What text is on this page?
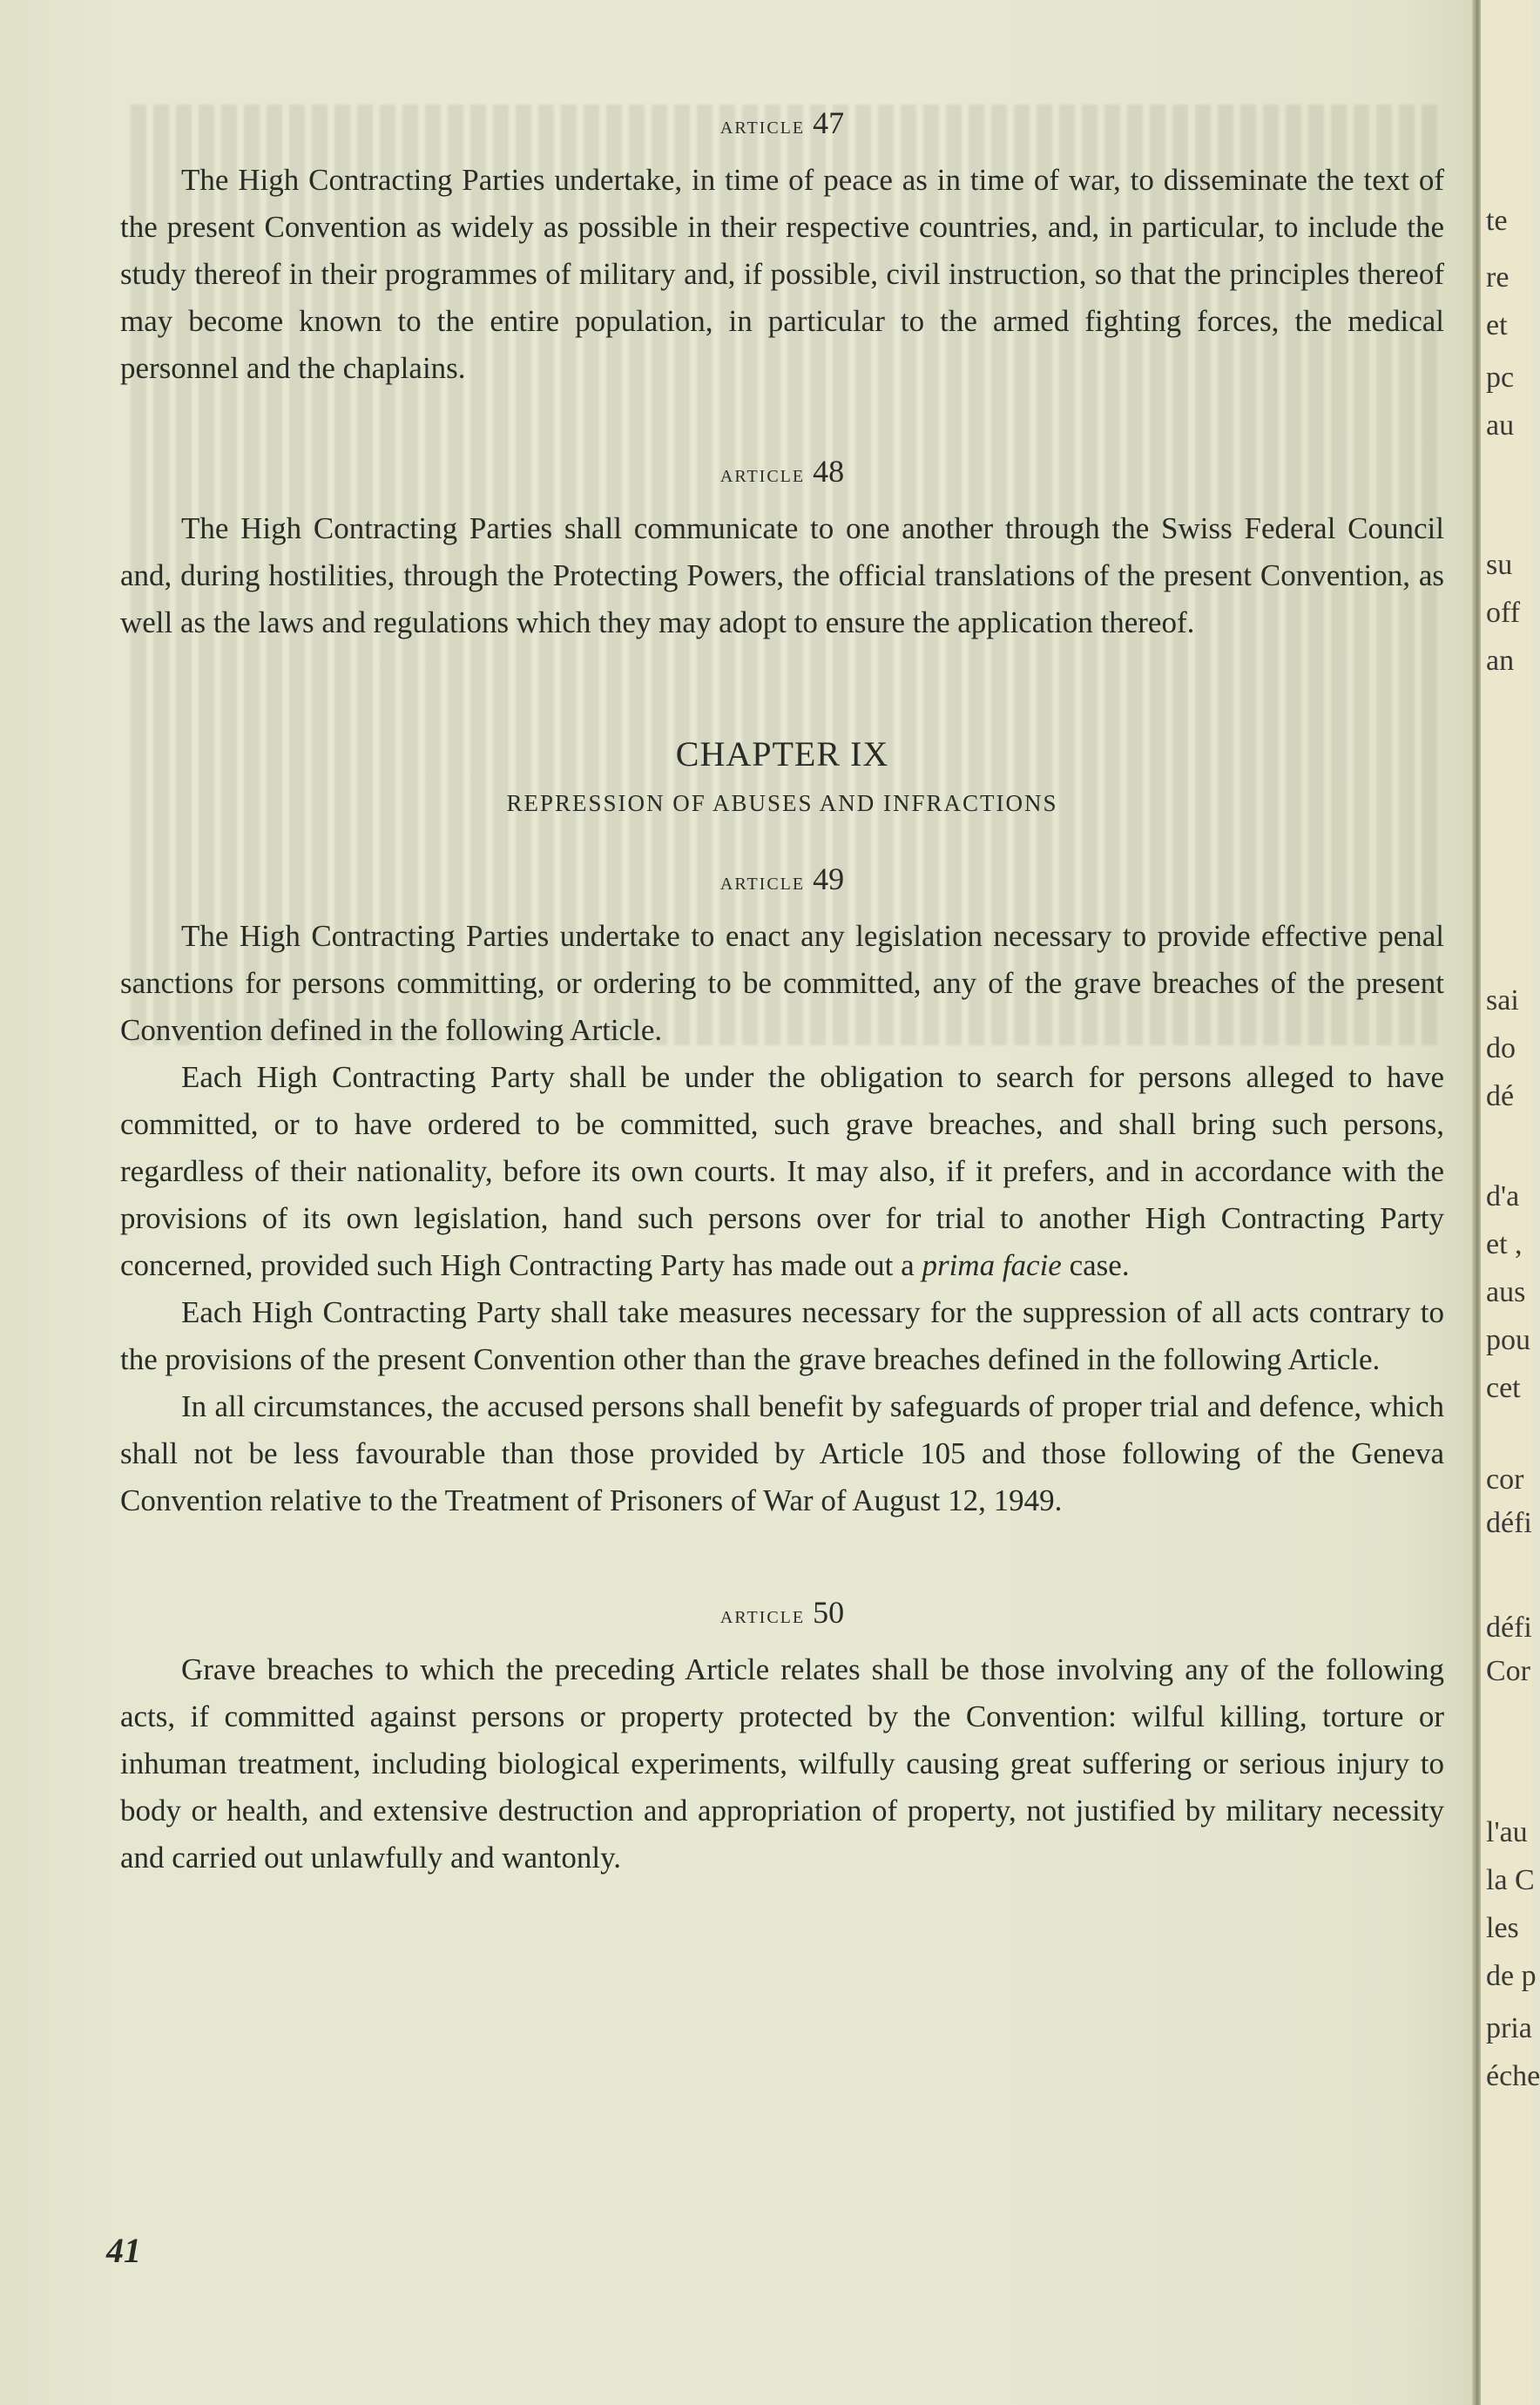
article 47

The High Contracting Parties undertake, in time of peace as in time of war, to disseminate the text of the present Convention as widely as possible in their respective countries, and, in particular, to include the study thereof in their programmes of military and, if possible, civil instruction, so that the principles thereof may become known to the entire population, in particular to the armed fighting forces, the medical personnel and the chaplains.

article 48

The High Contracting Parties shall communicate to one another through the Swiss Federal Council and, during hostilities, through the Protecting Powers, the official translations of the present Convention, as well as the laws and regulations which they may adopt to ensure the application thereof.

CHAPTER IX
REPRESSION OF ABUSES AND INFRACTIONS
article 49

The High Contracting Parties undertake to enact any legislation necessary to provide effective penal sanctions for persons committing, or ordering to be committed, any of the grave breaches of the present Convention defined in the following Article.

Each High Contracting Party shall be under the obligation to search for persons alleged to have committed, or to have ordered to be committed, such grave breaches, and shall bring such persons, regardless of their nationality, before its own courts. It may also, if it prefers, and in accordance with the provisions of its own legislation, hand such persons over for trial to another High Contracting Party concerned, provided such High Contracting Party has made out a prima facie case.

Each High Contracting Party shall take measures necessary for the suppression of all acts contrary to the provisions of the present Convention other than the grave breaches defined in the following Article.

In all circumstances, the accused persons shall benefit by safeguards of proper trial and defence, which shall not be less favourable than those provided by Article 105 and those following of the Geneva Convention relative to the Treatment of Prisoners of War of August 12, 1949.

article 50

Grave breaches to which the preceding Article relates shall be those involving any of the following acts, if committed against persons or property protected by the Convention: wilful killing, torture or inhuman treatment, including biological experiments, wilfully causing great suffering or serious injury to body or health, and extensive destruction and appropriation of property, not justified by military necessity and carried out unlawfully and wantonly.

41
te
re
et
pc
au
su
off
an
sai
do
dé
d'a
et ,
aus
pou
cet
cor
défi
défi
Cor
l'au
la C
les
de p
pria
éche
